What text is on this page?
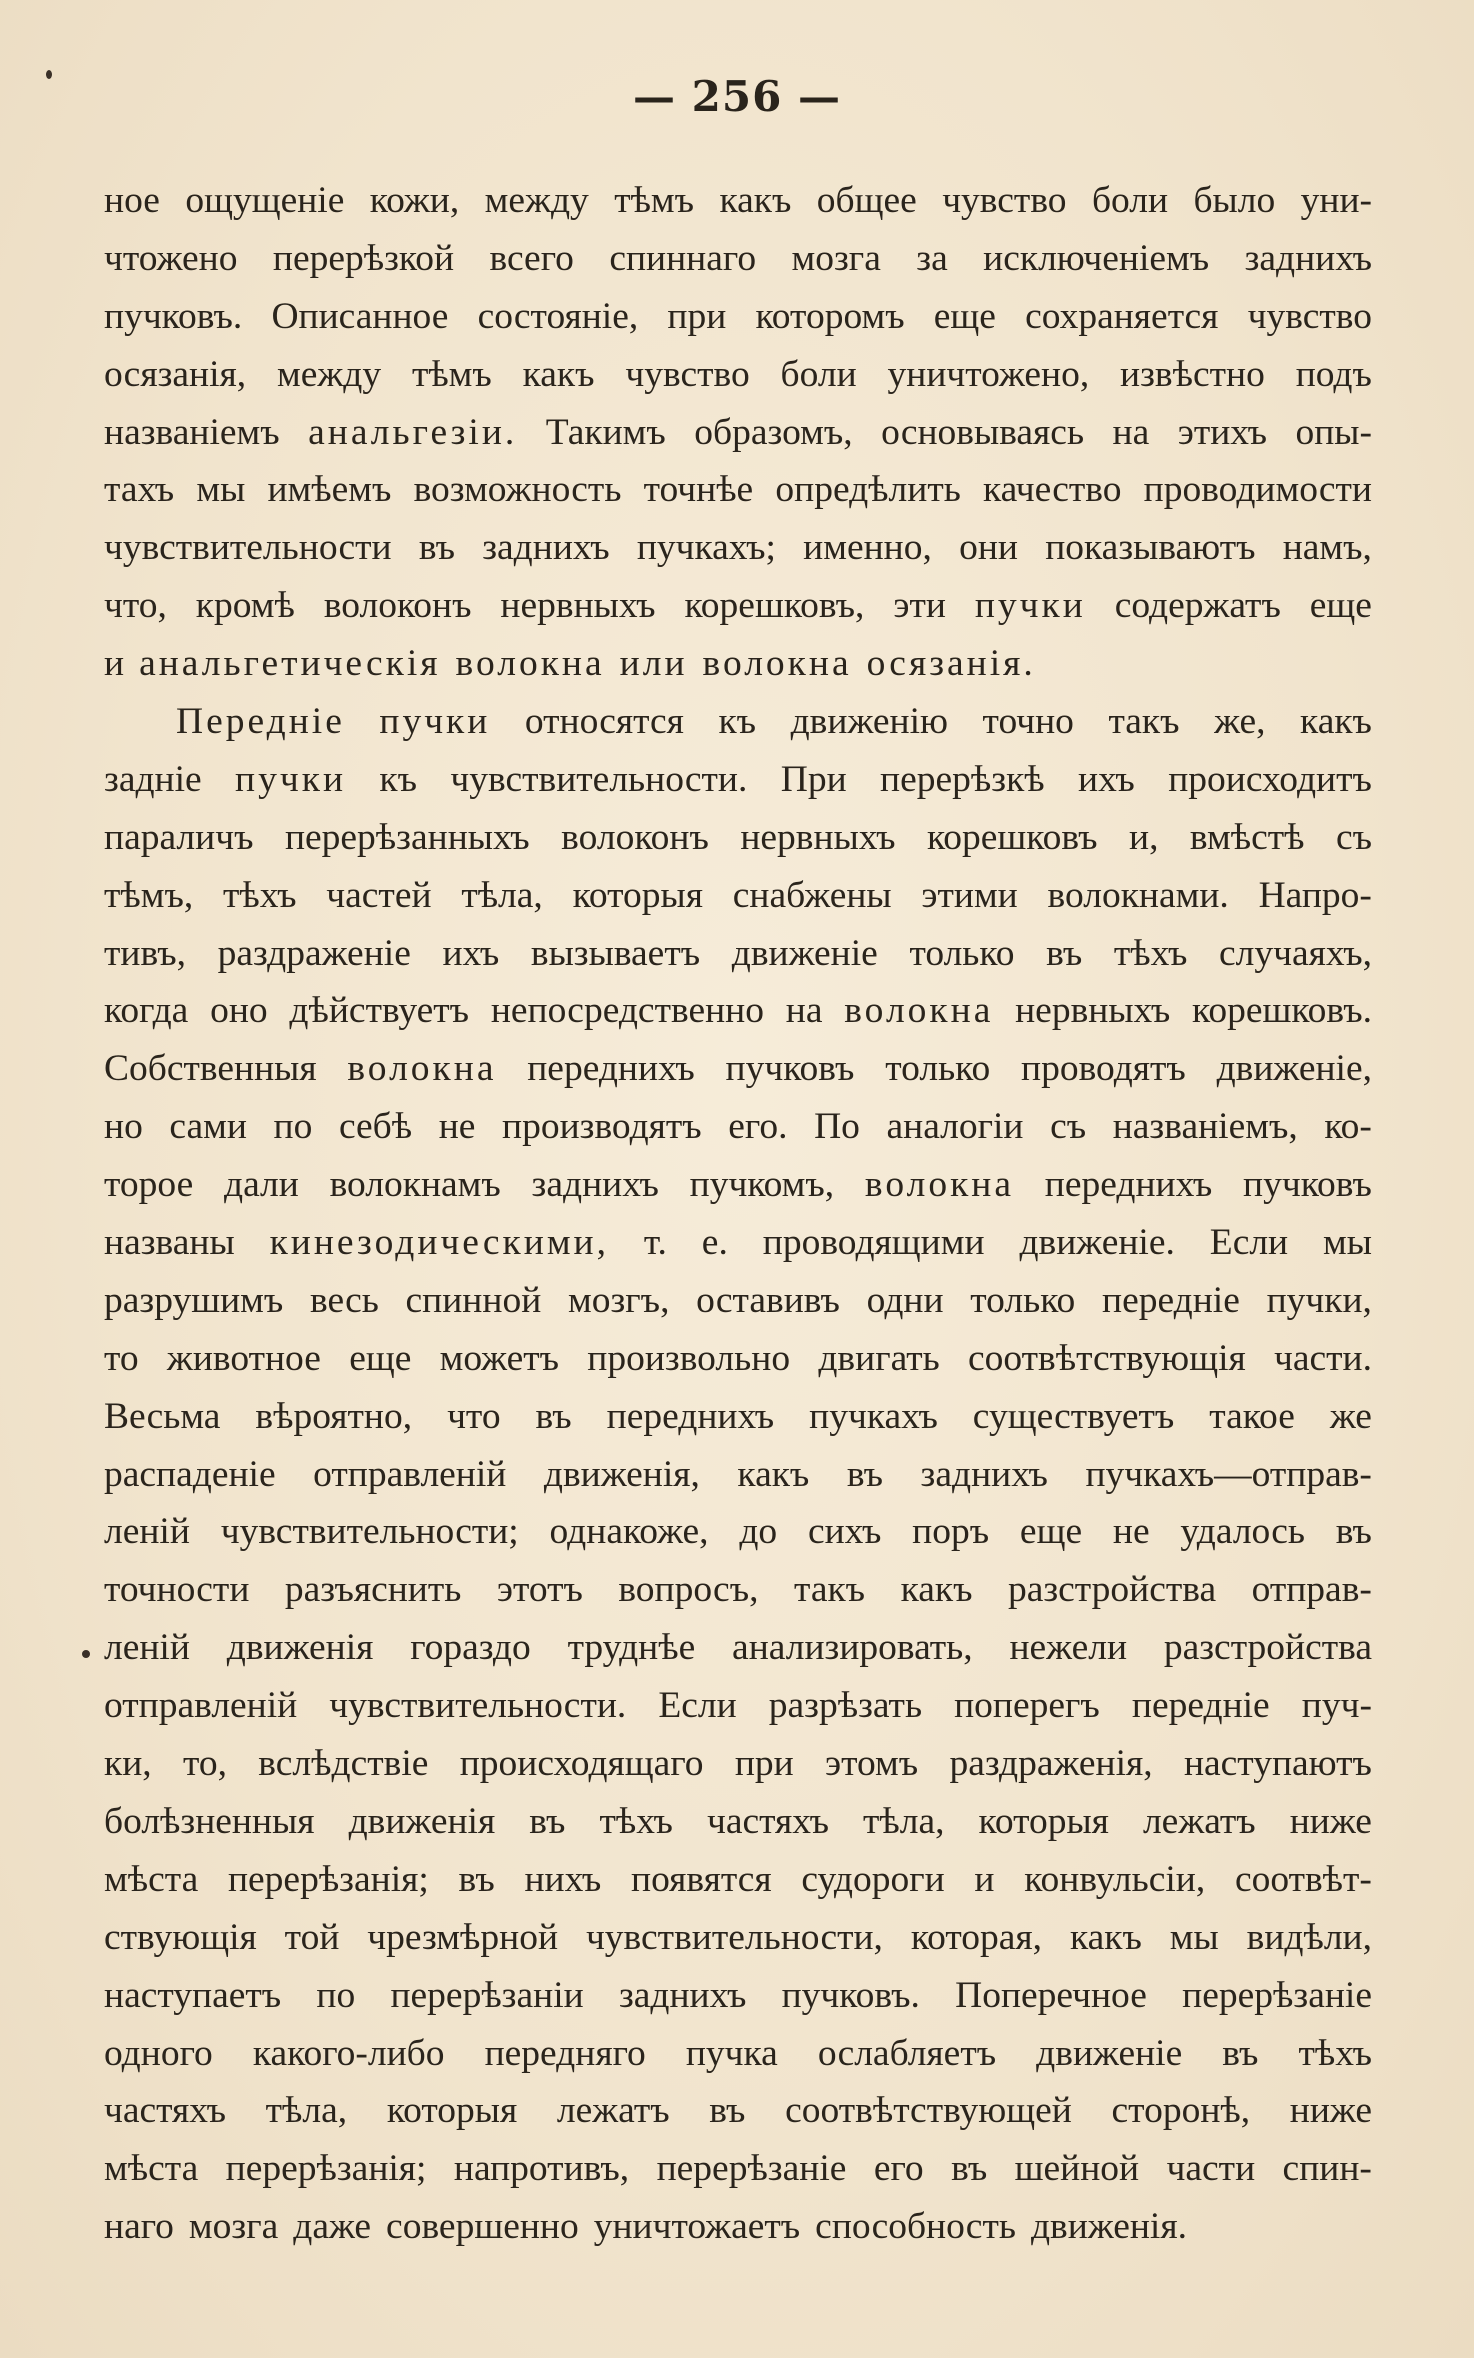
— 256 —
ное ощущеніе кожи, между тѣмъ какъ общее чувство боли было уни-
чтожено перерѣзкой всего спиннаго мозга за исключеніемъ заднихъ
пучковъ. Описанное состояніе, при которомъ еще сохраняется чувство
осязанія, между тѣмъ какъ чувство боли уничтожено, извѣстно подъ
названіемъ анальгезіи. Такимъ образомъ, основываясь на этихъ опы-
тахъ мы имѣемъ возможность точнѣе опредѣлить качество проводимости
чувствительности въ заднихъ пучкахъ; именно, они показываютъ намъ,
что, кромѣ волоконъ нервныхъ корешковъ, эти пучки содержатъ еще
и анальгетическія волокна или волокна осязанія.
Передніе пучки относятся къ движенію точно такъ же, какъ
задніе пучки къ чувствительности. При перерѣзкѣ ихъ происходитъ
параличъ перерѣзанныхъ волоконъ нервныхъ корешковъ и, вмѣстѣ съ
тѣмъ, тѣхъ частей тѣла, которыя снабжены этими волокнами. Напро-
тивъ, раздраженіе ихъ вызываетъ движеніе только въ тѣхъ случаяхъ,
когда оно дѣйствуетъ непосредственно на волокна нервныхъ корешковъ.
Собственныя волокна переднихъ пучковъ только проводятъ движеніе,
но сами по себѣ не производятъ его. По аналогіи съ названіемъ, ко-
торое дали волокнамъ заднихъ пучкомъ, волокна переднихъ пучковъ
названы кинезодическими, т. е. проводящими движеніе. Если мы
разрушимъ весь спинной мозгъ, оставивъ одни только передніе пучки,
то животное еще можетъ произвольно двигать соотвѣтствующія части.
Весьма вѣроятно, что въ переднихъ пучкахъ существуетъ такое же
распаденіе отправленій движенія, какъ въ заднихъ пучкахъ—отправ-
леній чувствительности; однакоже, до сихъ поръ еще не удалось въ
точности разъяснить этотъ вопросъ, такъ какъ разстройства отправ-
леній движенія гораздо труднѣе анализировать, нежели разстройства
отправленій чувствительности. Если разрѣзать поперегъ передніе пуч-
ки, то, вслѣдствіе происходящаго при этомъ раздраженія, наступаютъ
болѣзненныя движенія въ тѣхъ частяхъ тѣла, которыя лежатъ ниже
мѣста перерѣзанія; въ нихъ появятся судороги и конвульсіи, соотвѣт-
ствующія той чрезмѣрной чувствительности, которая, какъ мы видѣли,
наступаетъ по перерѣзаніи заднихъ пучковъ. Поперечное перерѣзаніе
одного какого-либо передняго пучка ослабляетъ движеніе въ тѣхъ
частяхъ тѣла, которыя лежатъ въ соотвѣтствующей сторонѣ, ниже
мѣста перерѣзанія; напротивъ, перерѣзаніе его въ шейной части спин-
наго мозга даже совершенно уничтожаетъ способность движенія.
